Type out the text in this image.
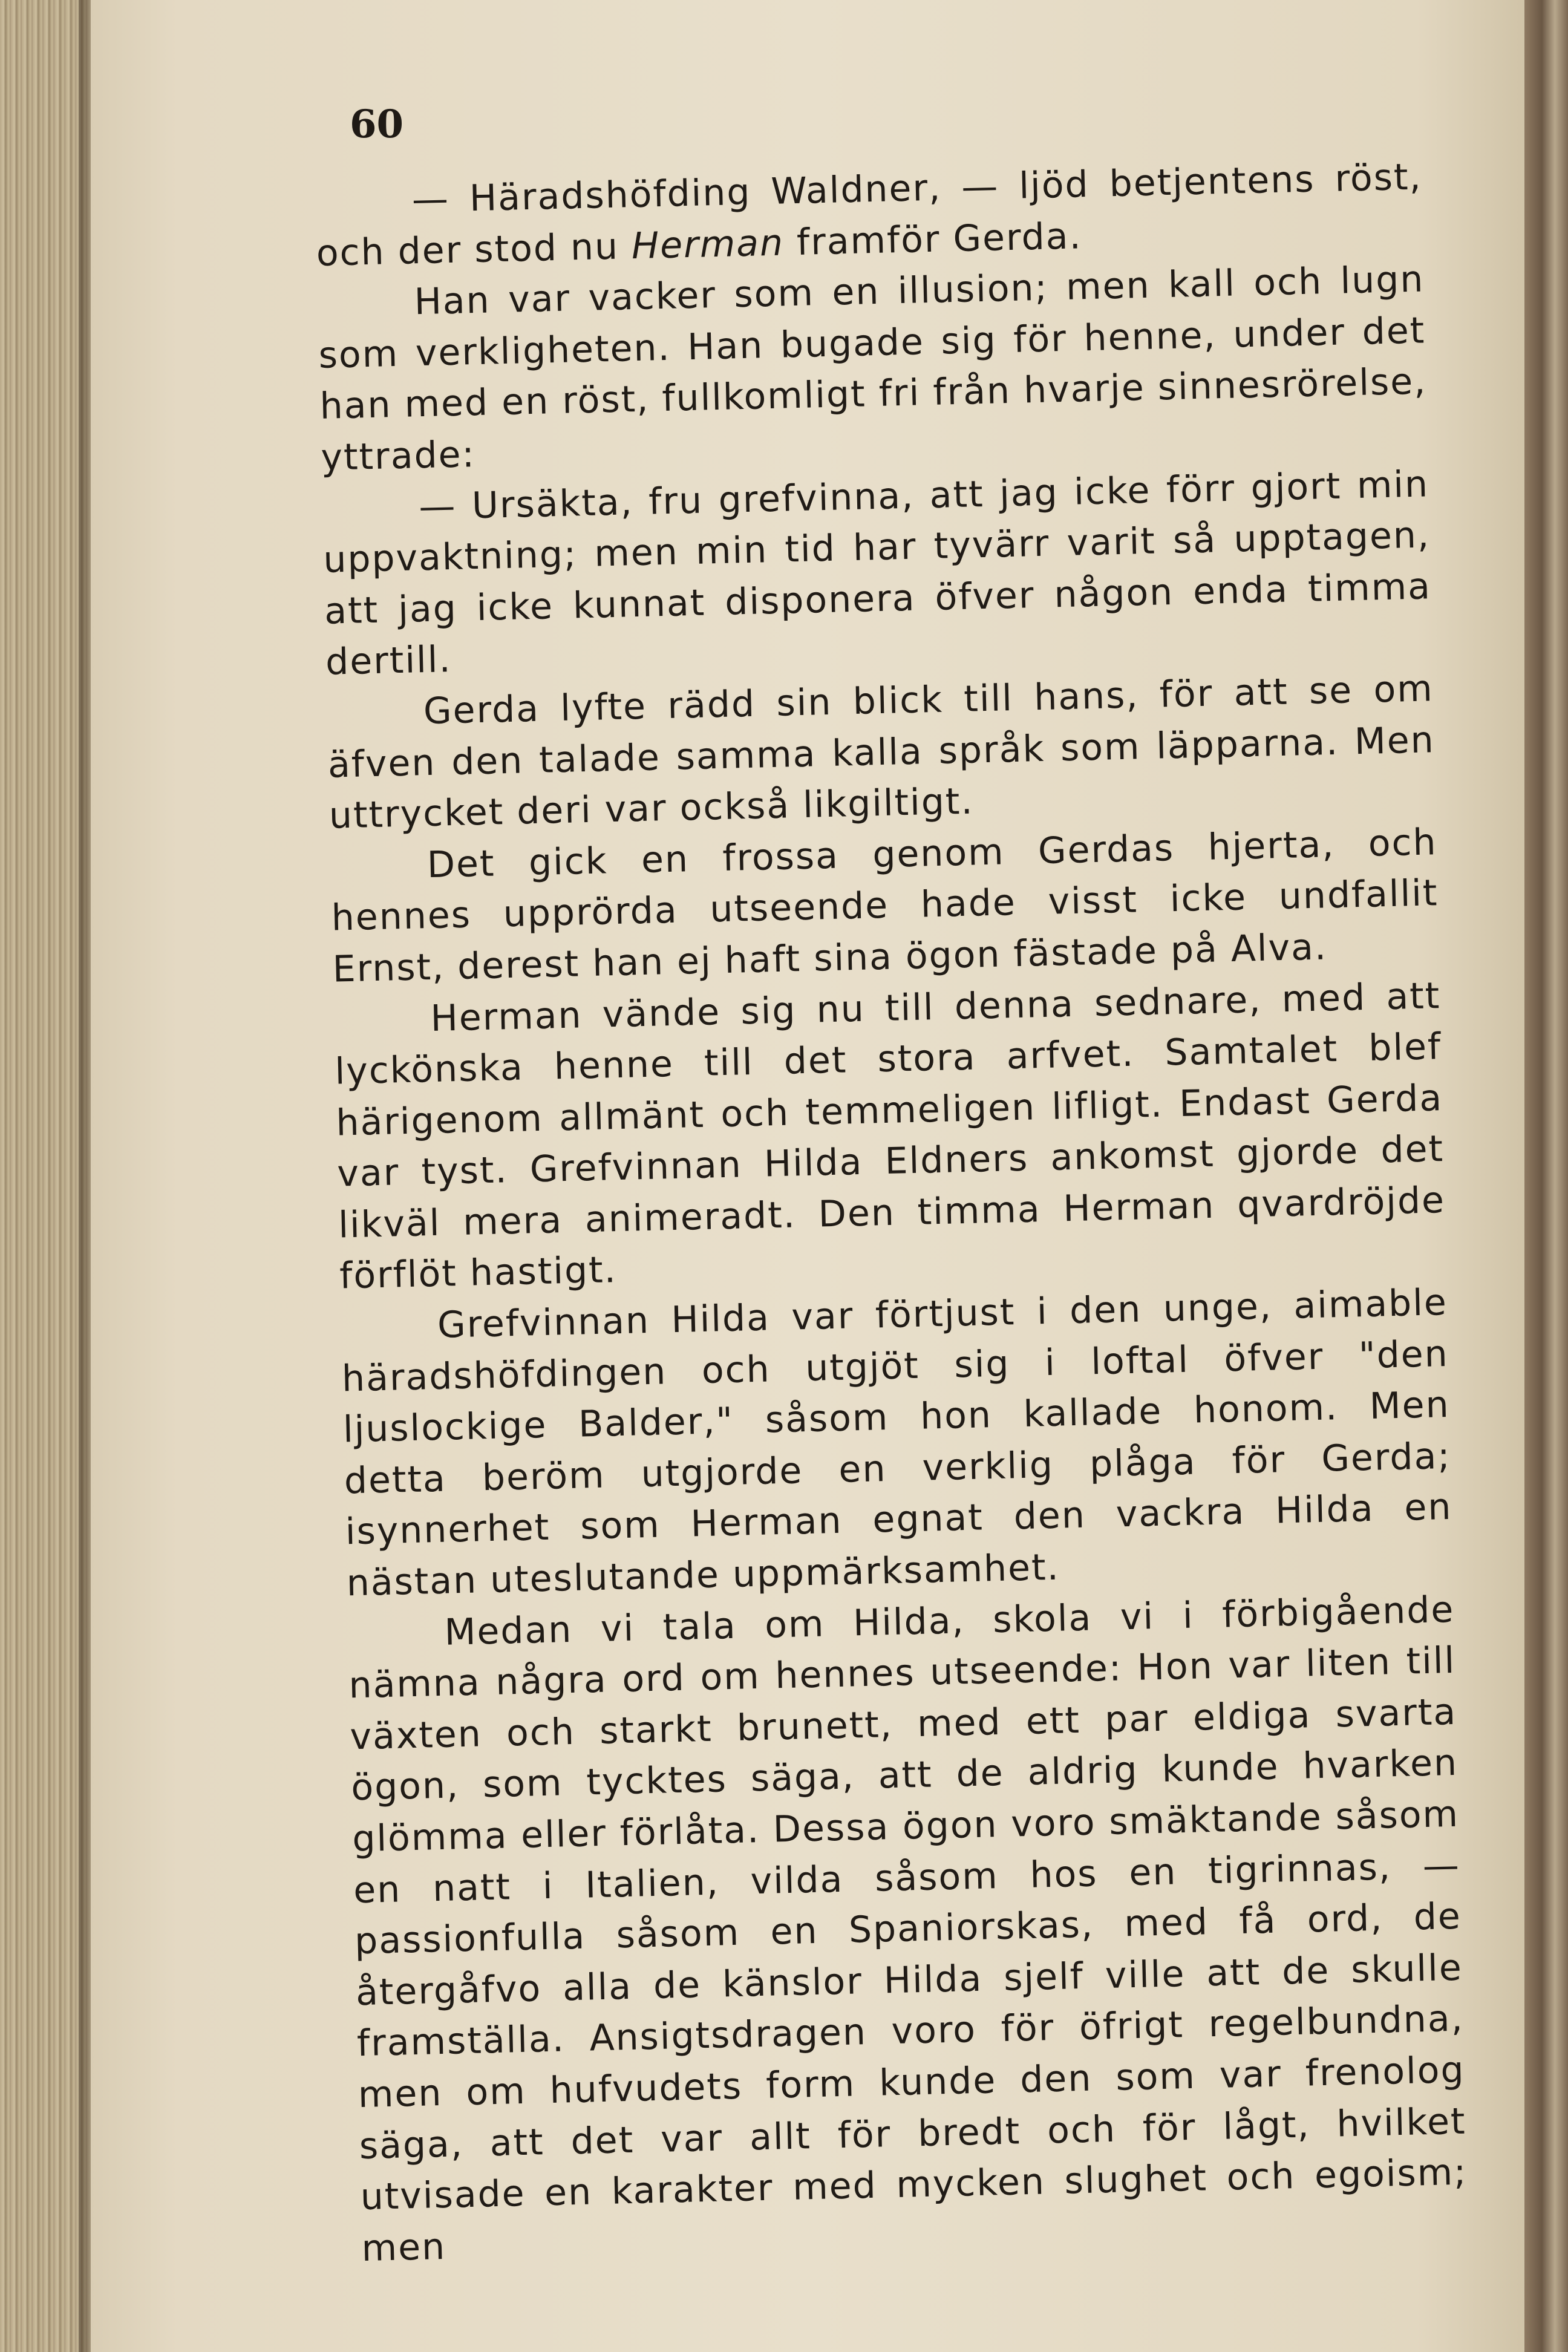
60

— Häradshöfding Waldner, — ljöd betjentens röst, och der stod nu Herman framför Gerda.

Han var vacker som en illusion; men kall och lugn som verkligheten. Han bugade sig för henne, under det han med en röst, fullkomligt fri från hvarje sinnesrörelse, yttrade:

— Ursäkta, fru grefvinna, att jag icke förr gjort min uppvaktning; men min tid har tyvärr varit så upptagen, att jag icke kunnat disponera öfver någon enda timma dertill.

Gerda lyfte rädd sin blick till hans, för att se om äfven den talade samma kalla språk som läpparna. Men uttrycket deri var också likgiltigt.

Det gick en frossa genom Gerdas hjerta, och hennes upprörda utseende hade visst icke undfallit Ernst, derest han ej haft sina ögon fästade på Alva.

Herman vände sig nu till denna sednare, med att lyckönska henne till det stora arfvet. Samtalet blef härigenom allmänt och temmeligen lifligt. Endast Gerda var tyst. Grefvinnan Hilda Eldners ankomst gjorde det likväl mera animeradt. Den timma Herman qvardröjde förflöt hastigt.

Grefvinnan Hilda var förtjust i den unge, aimable häradshöfdingen och utgjöt sig i loftal öfver "den ljuslockige Balder," såsom hon kallade honom. Men detta beröm utgjorde en verklig plåga för Gerda; isynnerhet som Herman egnat den vackra Hilda en nästan uteslutande uppmärksamhet.

Medan vi tala om Hilda, skola vi i förbigående nämna några ord om hennes utseende: Hon var liten till växten och starkt brunett, med ett par eldiga svarta ögon, som tycktes säga, att de aldrig kunde hvarken glömma eller förlåta. Dessa ögon voro smäktande såsom en natt i Italien, vilda såsom hos en tigrinnas, — passionfulla såsom en Spaniorskas, med få ord, de återgåfvo alla de känslor Hilda sjelf ville att de skulle framställa. Ansigtsdragen voro för öfrigt regelbundna, men om hufvudets form kunde den som var frenolog säga, att det var allt för bredt och för lågt, hvilket utvisade en karakter med mycken slughet och egoism; men
